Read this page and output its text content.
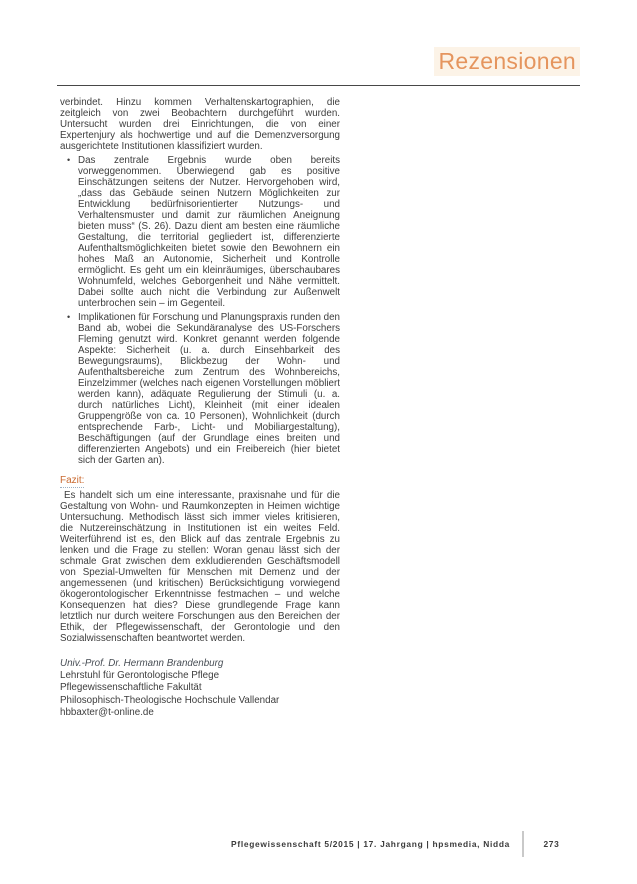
Rezensionen

verbindet. Hinzu kommen Verhaltenskartographien, die zeitgleich von zwei Beobachtern durchgeführt wurden. Untersucht wurden drei Einrichtungen, die von einer Expertenjury als hochwertige und auf die Demenzversorgung ausgerichtete Institutionen klassifiziert wurden.

• Das zentrale Ergebnis wurde oben bereits vorweggenommen. Überwiegend gab es positive Einschätzungen seitens der Nutzer. Hervorgehoben wird, „dass das Gebäude seinen Nutzern Möglichkeiten zur Entwicklung bedürfnisorientierter Nutzungs- und Verhaltensmuster und damit zur räumlichen Aneignung bieten muss“ (S. 26). Dazu dient am besten eine räumliche Gestaltung, die territorial gegliedert ist, differenzierte Aufenthaltsmöglichkeiten bietet sowie den Bewohnern ein hohes Maß an Autonomie, Sicherheit und Kontrolle ermöglicht. Es geht um ein kleinräumiges, überschaubares Wohnumfeld, welches Geborgenheit und Nähe vermittelt. Dabei sollte auch nicht die Verbindung zur Außenwelt unterbrochen sein – im Gegenteil.
• Implikationen für Forschung und Planungspraxis runden den Band ab, wobei die Sekundäranalyse des US-Forschers Fleming genutzt wird. Konkret genannt werden folgende Aspekte: Sicherheit (u. a. durch Einsehbarkeit des Bewegungsraums), Blickbezug der Wohn- und Aufenthaltsbereiche zum Zentrum des Wohnbereichs, Einzelzimmer (welches nach eigenen Vorstellungen möbliert werden kann), adäquate Regulierung der Stimuli (u. a. durch natürliches Licht), Kleinheit (mit einer idealen Gruppengröße von ca. 10 Personen), Wohnlichkeit (durch entsprechende Farb-, Licht- und Mobiliargestaltung), Beschäftigungen (auf der Grundlage eines breiten und differenzierten Angebots) und ein Freibereich (hier bietet sich der Garten an).
Fazit:

Es handelt sich um eine interessante, praxisnahe und für die Gestaltung von Wohn- und Raumkonzepten in Heimen wichtige Untersuchung. Methodisch lässt sich immer vieles kritisieren, die Nutzereinschätzung in Institutionen ist ein weites Feld. Weiterführend ist es, den Blick auf das zentrale Ergebnis zu lenken und die Frage zu stellen: Woran genau lässt sich der schmale Grat zwischen dem exkludierenden Geschäftsmodell von Spezial-Umwelten für Menschen mit Demenz und der angemessenen (und kritischen) Berücksichtigung vorwiegend ökogerontologischer Erkenntnisse festmachen – und welche Konsequenzen hat dies? Diese grundlegende Frage kann letztlich nur durch weitere Forschungen aus den Bereichen der Ethik, der Pflegewissenschaft, der Gerontologie und den Sozialwissenschaften beantwortet werden.

Univ.-Prof. Dr. Hermann Brandenburg

Lehrstuhl für Gerontologische Pflege

Pflegewissenschaftliche Fakultät

Philosophisch-Theologische Hochschule Vallendar

hbbaxter@t-online.de

Pflegewissenschaft 5/2015 | 17. Jahrgang | hpsmedia, Nidda	273
